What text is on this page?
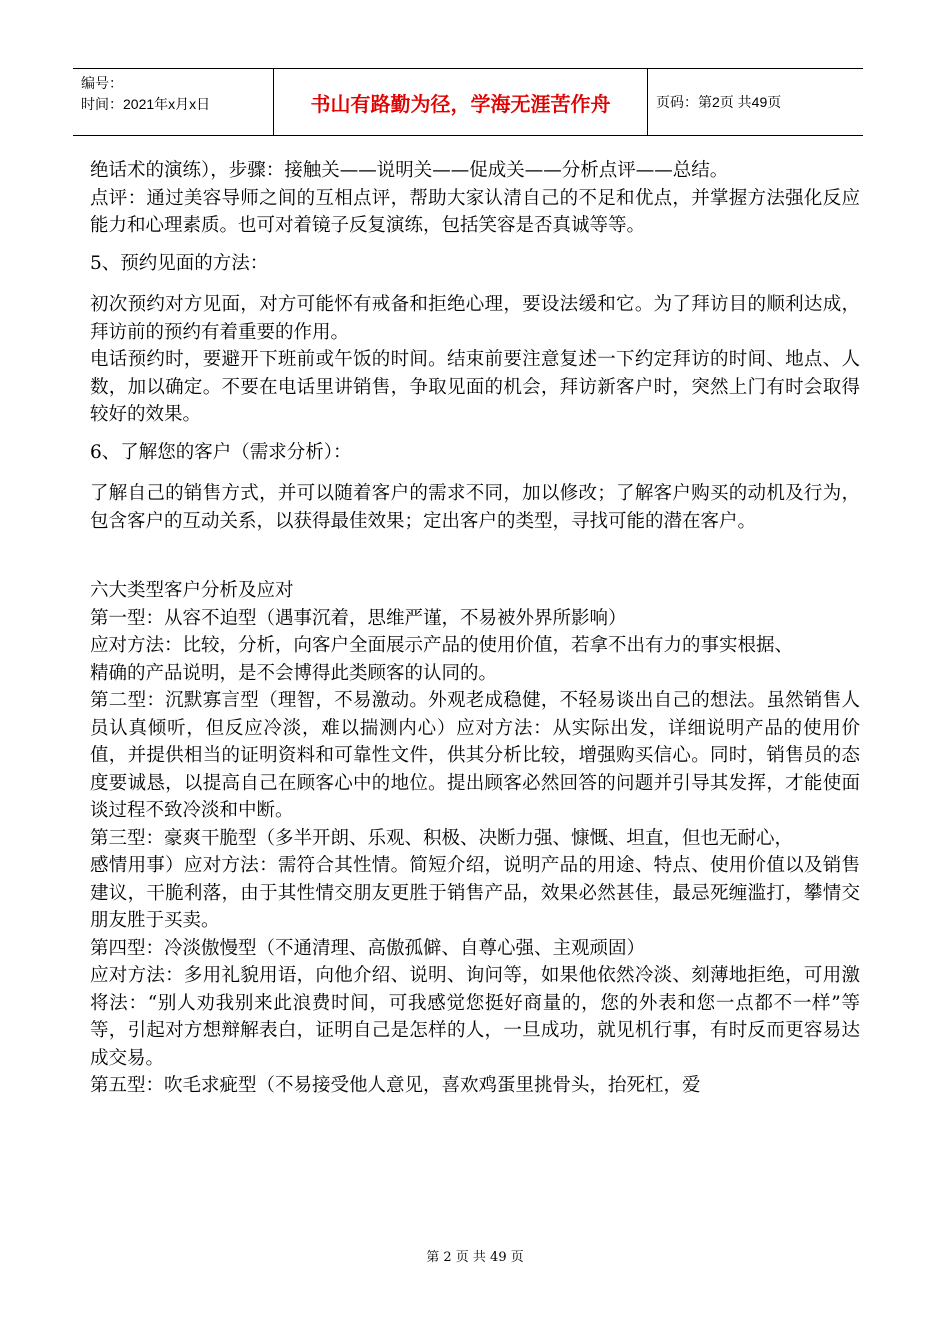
编号：
时间：2021年x月x日	书山有路勤为径，学海无涯苦作舟	页码：第2页 共49页

绝话术的演练），步骤：接触关——说明关——促成关——分析点评——总结。

点评：通过美容导师之间的互相点评，帮助大家认清自己的不足和优点，并掌握方法强化反应能力和心理素质。也可对着镜子反复演练，包括笑容是否真诚等等。

5、预约见面的方法：

初次预约对方见面，对方可能怀有戒备和拒绝心理，要设法缓和它。为了拜访目的顺利达成，拜访前的预约有着重要的作用。

电话预约时，要避开下班前或午饭的时间。结束前要注意复述一下约定拜访的时间、地点、人数，加以确定。不要在电话里讲销售，争取见面的机会，拜访新客户时，突然上门有时会取得较好的效果。

6、了解您的客户（需求分析）：

了解自己的销售方式，并可以随着客户的需求不同，加以修改；了解客户购买的动机及行为，包含客户的互动关系，以获得最佳效果；定出客户的类型，寻找可能的潜在客户。

六大类型客户分析及应对

第一型：从容不迫型（遇事沉着，思维严谨，不易被外界所影响）

应对方法：比较，分析，向客户全面展示产品的使用价值，若拿不出有力的事实根据、

精确的产品说明，是不会博得此类顾客的认同的。

第二型：沉默寡言型（理智，不易激动。外观老成稳健，不轻易谈出自己的想法。虽然销售人员认真倾听，但反应冷淡，难以揣测内心）应对方法：从实际出发，详细说明产品的使用价值，并提供相当的证明资料和可靠性文件，供其分析比较，增强购买信心。同时，销售员的态度要诚恳，以提高自己在顾客心中的地位。提出顾客必然回答的问题并引导其发挥，才能使面谈过程不致冷淡和中断。

第三型：豪爽干脆型（多半开朗、乐观、积极、决断力强、慷慨、坦直，但也无耐心，

感情用事）应对方法：需符合其性情。简短介绍，说明产品的用途、特点、使用价值以及销售建议，干脆利落，由于其性情交朋友更胜于销售产品，效果必然甚佳，最忌死缠滥打，攀情交朋友胜于买卖。

第四型：冷淡傲慢型（不通清理、高傲孤僻、自尊心强、主观顽固）

应对方法：多用礼貌用语，向他介绍、说明、询问等，如果他依然冷淡、刻薄地拒绝，可用激将法：“别人劝我别来此浪费时间，可我感觉您挺好商量的，您的外表和您一点都不一样”等等，引起对方想辩解表白，证明自己是怎样的人，一旦成功，就见机行事，有时反而更容易达成交易。

第五型：吹毛求疵型（不易接受他人意见，喜欢鸡蛋里挑骨头，抬死杠，爱

第 2 页 共 49 页
